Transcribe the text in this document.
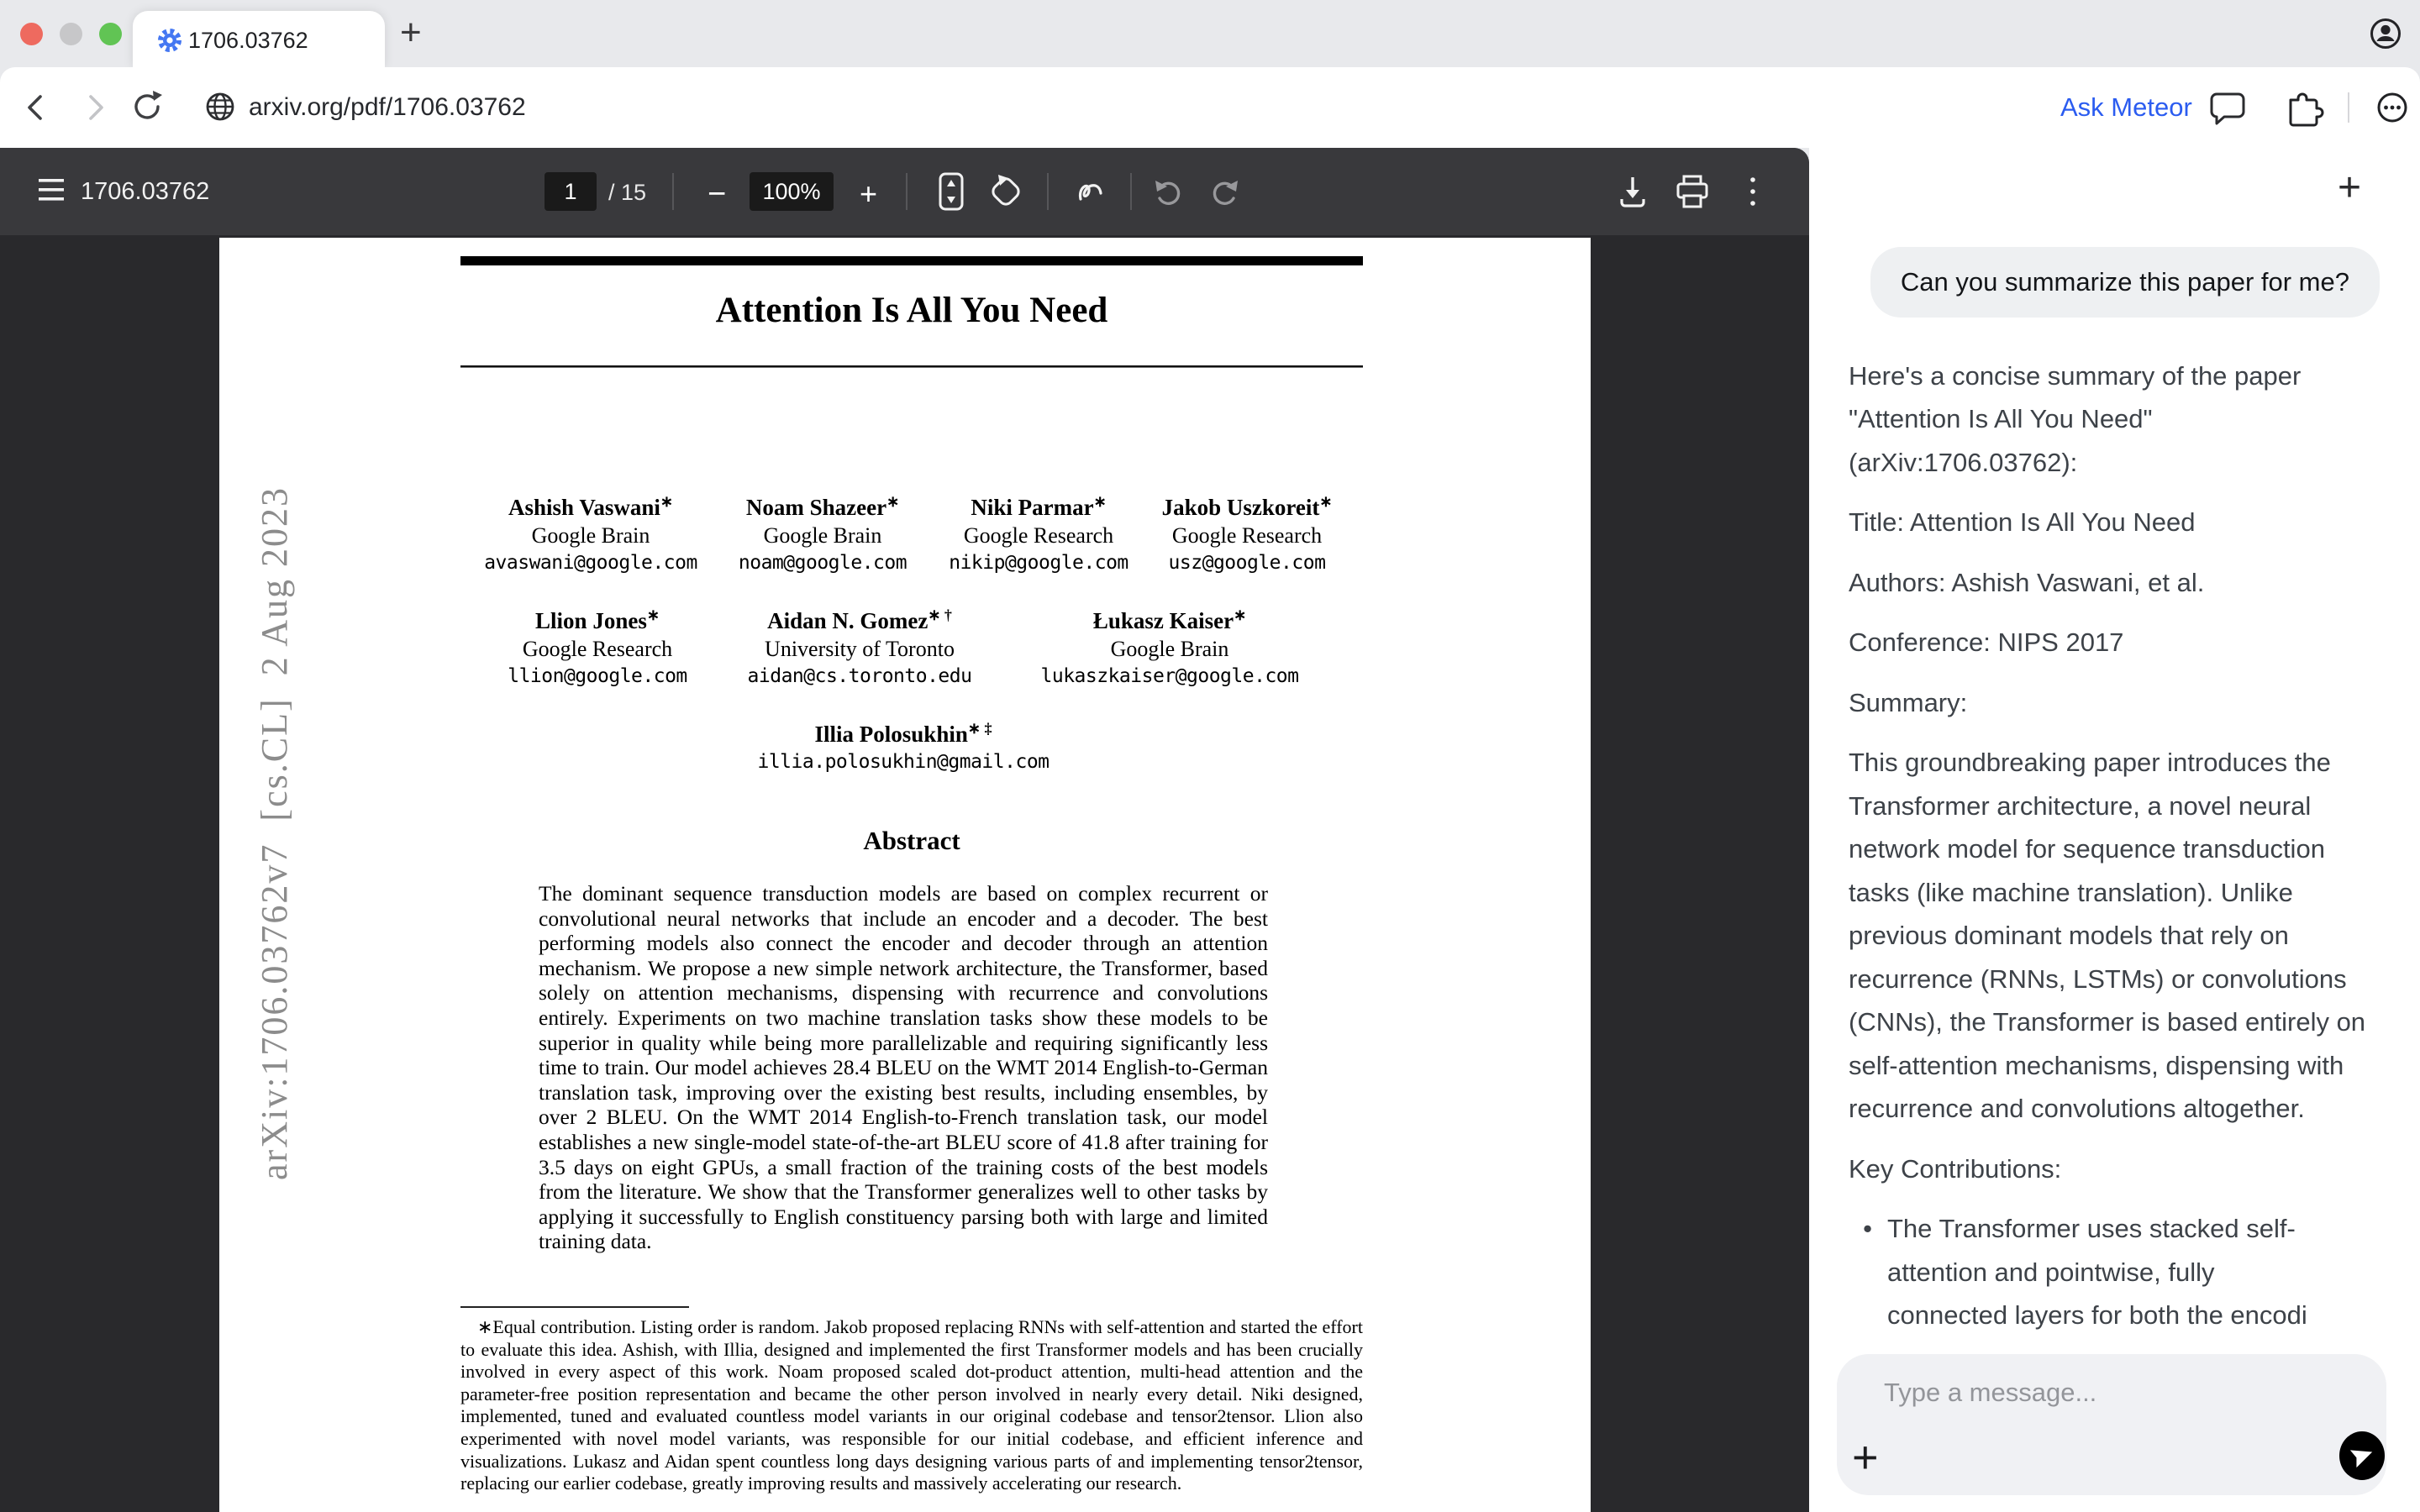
1706.03762 +
arxiv.org/pdf/1706.03762	Ask Meteor
1706.03762	1	/ 15 −	100%	+
Attention Is All You Need
Ashish Vaswani∗
Google Brain
avaswani@google.com
Noam Shazeer∗
Google Brain
noam@google.com
Niki Parmar∗
Google Research
nikip@google.com
Jakob Uszkoreit∗
Google Research
usz@google.com
Llion Jones∗
Google Research
llion@google.com
Aidan N. Gomez∗ †
University of Toronto
aidan@cs.toronto.edu
Łukasz Kaiser∗
Google Brain
lukaszkaiser@google.com
Illia Polosukhin∗ ‡
illia.polosukhin@gmail.com
Abstract
The dominant sequence transduction models are based on complex recurrent or convolutional neural networks that include an encoder and a decoder. The best performing models also connect the encoder and decoder through an attention mechanism. We propose a new simple network architecture, the Transformer, based solely on attention mechanisms, dispensing with recurrence and convolutions entirely. Experiments on two machine translation tasks show these models to be superior in quality while being more parallelizable and requiring significantly less time to train. Our model achieves 28.4 BLEU on the WMT 2014 English-to-German translation task, improving over the existing best results, including ensembles, by over 2 BLEU. On the WMT 2014 English-to-French translation task, our model establishes a new single-model state-of-the-art BLEU score of 41.8 after training for 3.5 days on eight GPUs, a small fraction of the training costs of the best models from the literature. We show that the Transformer generalizes well to other tasks by applying it successfully to English constituency parsing both with large and limited training data.
∗Equal contribution. Listing order is random. Jakob proposed replacing RNNs with self-attention and started the effort to evaluate this idea. Ashish, with Illia, designed and implemented the first Transformer models and has been crucially involved in every aspect of this work. Noam proposed scaled dot-product attention, multi-head attention and the parameter-free position representation and became the other person involved in nearly every detail. Niki designed, implemented, tuned and evaluated countless model variants in our original codebase and tensor2tensor. Llion also experimented with novel model variants, was responsible for our initial codebase, and efficient inference and visualizations. Lukasz and Aidan spent countless long days designing various parts of and implementing tensor2tensor, replacing our earlier codebase, greatly improving results and massively accelerating our research.
arXiv:1706.03762v7  [cs.CL]  2 Aug 2023
+
Can you summarize this paper for me?
Here's a concise summary of the paper "Attention Is All You Need" (arXiv:1706.03762):
Title: Attention Is All You Need
Authors: Ashish Vaswani, et al.
Conference: NIPS 2017
Summary:
This groundbreaking paper introduces the Transformer architecture, a novel neural network model for sequence transduction tasks (like machine translation). Unlike previous dominant models that rely on recurrence (RNNs, LSTMs) or convolutions (CNNs), the Transformer is based entirely on self-attention mechanisms, dispensing with recurrence and convolutions altogether.
Key Contributions:
•
The Transformer uses stacked self-attention and pointwise, fully connected layers for both the encodi
Type a message...
+
